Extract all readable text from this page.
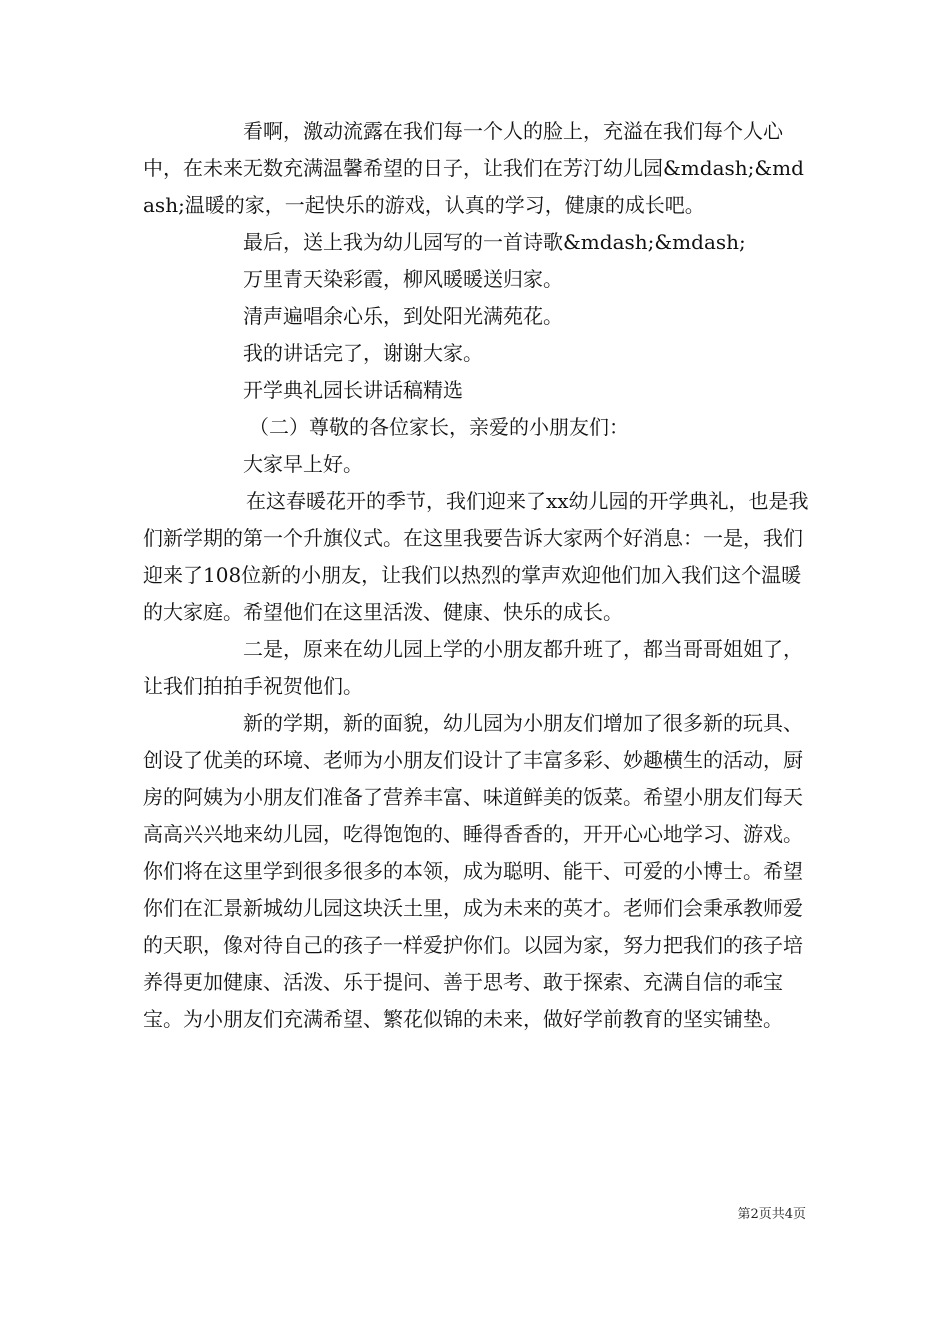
看啊，激动流露在我们每一个人的脸上，充溢在我们每个人心中，在未来无数充满温馨希望的日子，让我们在芳汀幼儿园&mdash;&mdash;温暖的家，一起快乐的游戏，认真的学习，健康的成长吧。

最后，送上我为幼儿园写的一首诗歌&mdash;&mdash;

万里青天染彩霞，柳风暖暖送归家。

清声遍唱余心乐，到处阳光满苑花。

我的讲话完了，谢谢大家。

开学典礼园长讲话稿精选

（二）尊敬的各位家长，亲爱的小朋友们：

大家早上好。

在这春暖花开的季节，我们迎来了xx幼儿园的开学典礼，也是我们新学期的第一个升旗仪式。在这里我要告诉大家两个好消息：一是，我们迎来了108位新的小朋友，让我们以热烈的掌声欢迎他们加入我们这个温暖的大家庭。希望他们在这里活泼、健康、快乐的成长。

二是，原来在幼儿园上学的小朋友都升班了，都当哥哥姐姐了，让我们拍拍手祝贺他们。

新的学期，新的面貌，幼儿园为小朋友们增加了很多新的玩具、创设了优美的环境、老师为小朋友们设计了丰富多彩、妙趣横生的活动，厨房的阿姨为小朋友们准备了营养丰富、味道鲜美的饭菜。希望小朋友们每天高高兴兴地来幼儿园，吃得饱饱的、睡得香香的，开开心心地学习、游戏。你们将在这里学到很多很多的本领，成为聪明、能干、可爱的小博士。希望你们在汇景新城幼儿园这块沃土里，成为未来的英才。老师们会秉承教师爱的天职，像对待自己的孩子一样爱护你们。以园为家，努力把我们的孩子培养得更加健康、活泼、乐于提问、善于思考、敢于探索、充满自信的乖宝宝。为小朋友们充满希望、繁花似锦的未来，做好学前教育的坚实铺垫。

第2页共4页
